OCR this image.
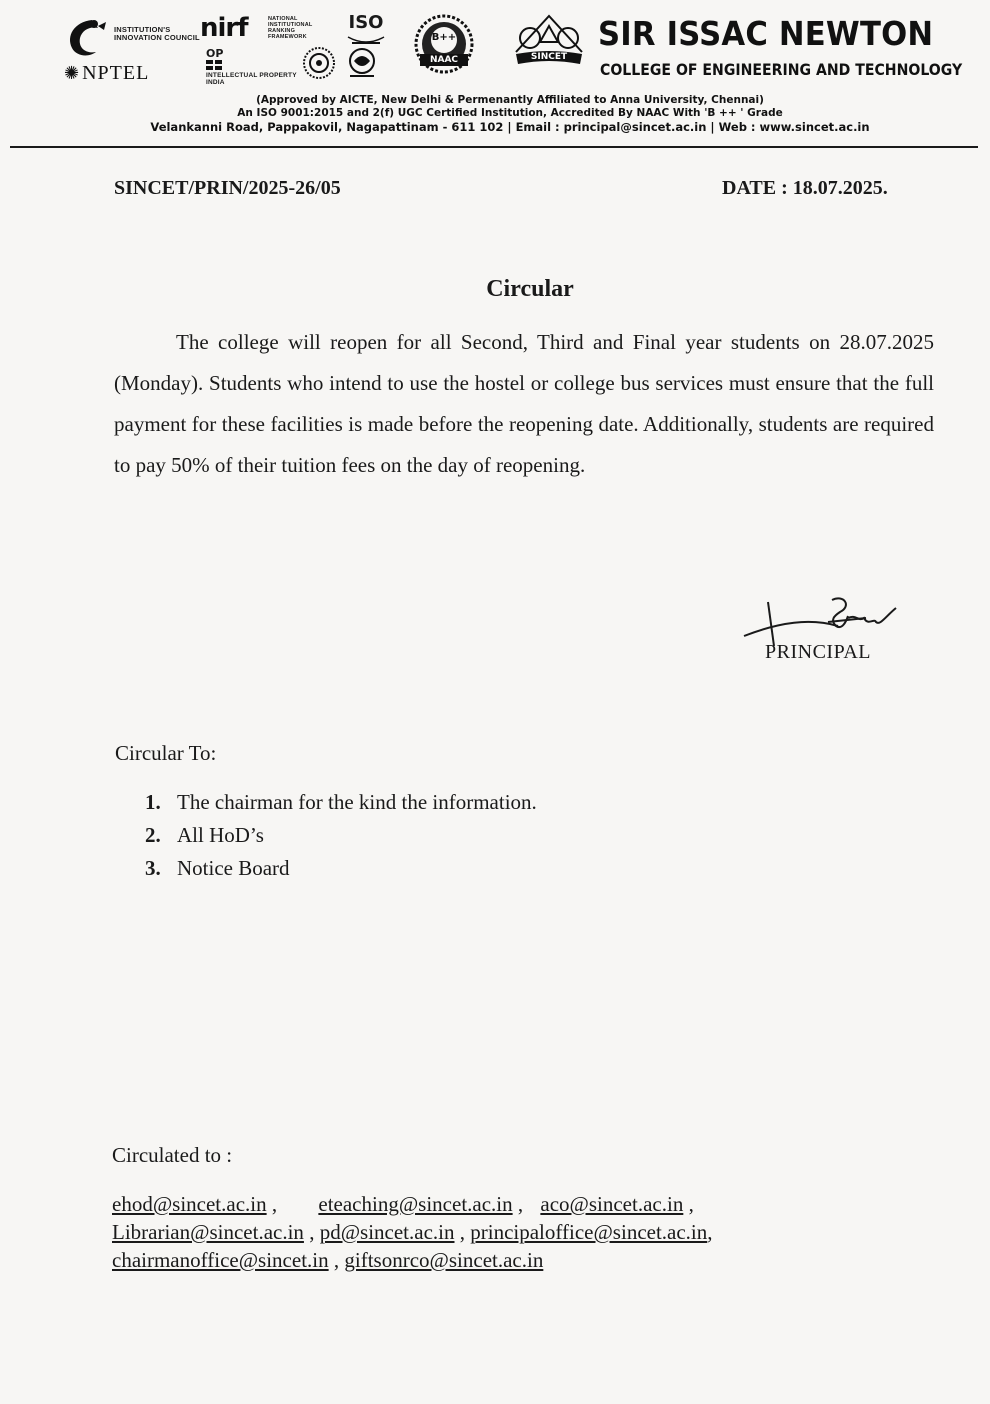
INSTITUTION'S INNOVATION COUNCIL nirf	NATIONAL INSTITUTIONAL RANKING FRAMEWORK
ISO
B++
NAAC	SINCET
✺ NPTEL
OP
INTELLECTUAL PROPERTY INDIA
SIR ISSAC NEWTON
COLLEGE OF ENGINEERING AND TECHNOLOGY
(Approved by AICTE, New Delhi & Permenantly Affiliated to Anna University, Chennai)
An ISO 9001:2015 and 2(f) UGC Certified Institution, Accredited By NAAC With 'B ++ ' Grade
Velankanni Road, Pappakovil, Nagapattinam - 611 102 | Email : principal@sincet.ac.in | Web : www.sincet.ac.in
SINCET/PRIN/2025-26/05	DATE : 18.07.2025.
Circular

The college will reopen for all Second, Third and Final year students on 28.07.2025 (Monday). Students who intend to use the hostel or college bus services must ensure that the full payment for these facilities is made before the reopening date. Additionally, students are required to pay 50% of their tuition fees on the day of reopening.

PRINCIPAL
Circular To:
1. The chairman for the kind the information.
2. All HoD’s
3. Notice Board
Circulated to :
ehod@sincet.ac.in , eteaching@sincet.ac.in , aco@sincet.ac.in ,
Librarian@sincet.ac.in , pd@sincet.ac.in , principaloffice@sincet.ac.in,
chairmanoffice@sincet.in , giftsonrco@sincet.ac.in
